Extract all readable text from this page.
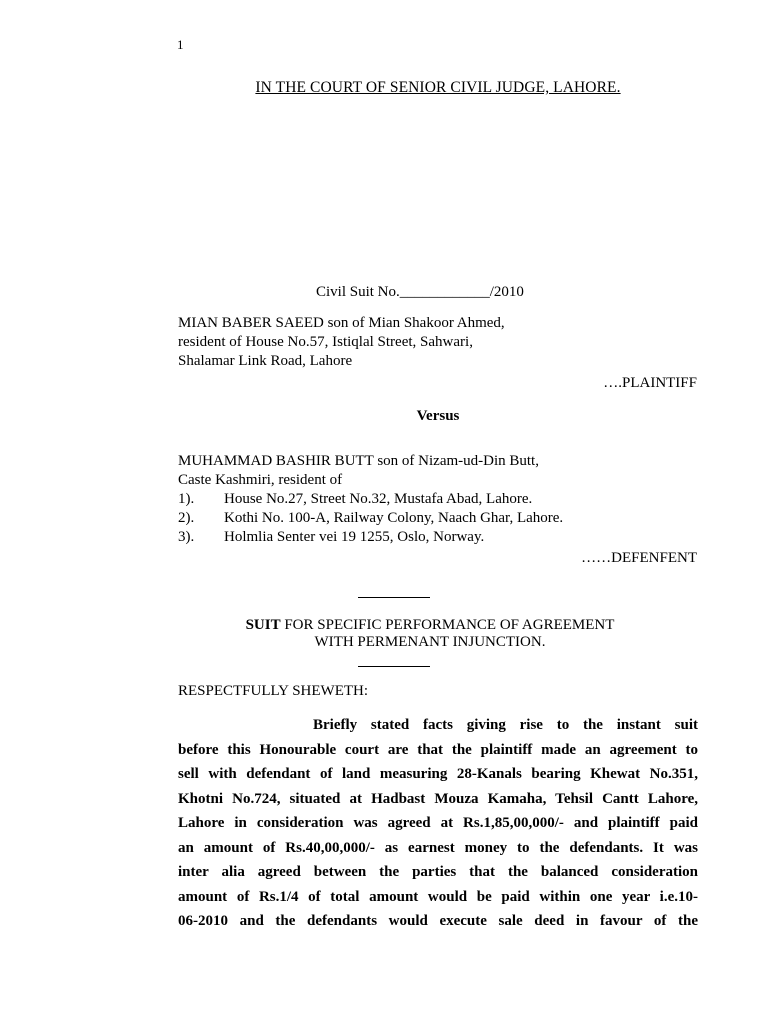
1
IN THE COURT OF SENIOR CIVIL JUDGE, LAHORE.
Civil Suit No.____________/2010
MIAN BABER SAEED son of Mian Shakoor Ahmed,
resident of House No.57, Istiqlal Street, Sahwari,
Shalamar Link Road, Lahore
….PLAINTIFF
Versus
MUHAMMAD BASHIR BUTT son of Nizam-ud-Din Butt,
Caste Kashmiri, resident of
1).	House No.27, Street No.32, Mustafa Abad, Lahore.
2).	Kothi No. 100-A, Railway Colony, Naach Ghar, Lahore.
3).	Holmlia Senter vei 19 1255, Oslo, Norway.
……DEFENFENT
SUIT FOR SPECIFIC PERFORMANCE OF AGREEMENT
WITH PERMENANT INJUNCTION.
RESPECTFULLY SHEWETH:
Briefly stated facts giving rise to the instant suit
before this Honourable court are that the plaintiff made an agreement to
sell with defendant of land measuring 28-Kanals bearing Khewat No.351,
Khotni No.724, situated at Hadbast Mouza Kamaha, Tehsil Cantt Lahore,
Lahore in consideration was agreed at Rs.1,85,00,000/- and plaintiff paid
an amount of Rs.40,00,000/- as earnest money to the defendants. It was
inter alia agreed between the parties that the balanced consideration
amount of Rs.1/4 of total amount would be paid within one year i.e.10-
06-2010 and the defendants would execute sale deed in favour of the
